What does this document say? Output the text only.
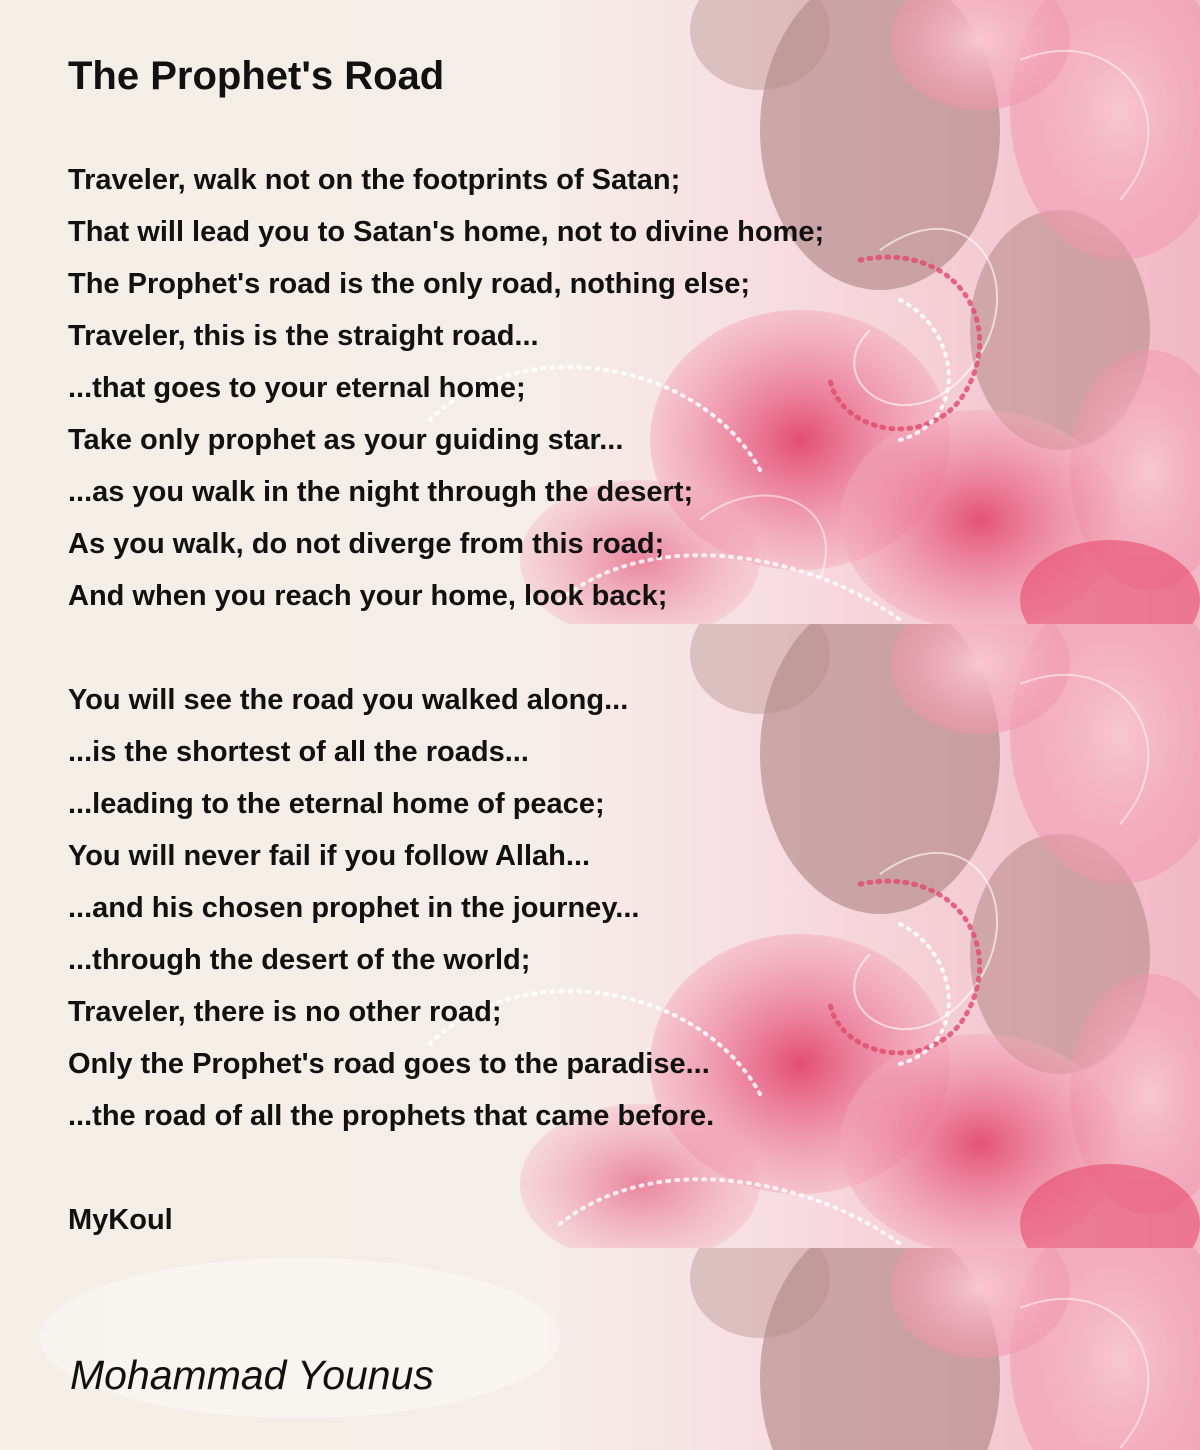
The Prophet's Road
Traveler, walk not on the footprints of Satan;
That will lead you to Satan's home, not to divine home;
The Prophet's road is the only road, nothing else;
Traveler, this is the straight road...
...that goes to your eternal home;
Take only prophet as your guiding star...
...as you walk in the night through the desert;
As you walk, do not diverge from this road;
And when you reach your home, look back;
You will see the road you walked along...
...is the shortest of all the roads...
...leading to the eternal home of peace;
You will never fail if you follow Allah...
...and his chosen prophet in the journey...
...through the desert of the world;
Traveler, there is no other road;
Only the Prophet's road goes to the paradise...
...the road of all the prophets that came before.
MyKoul

Mohammad Younus
